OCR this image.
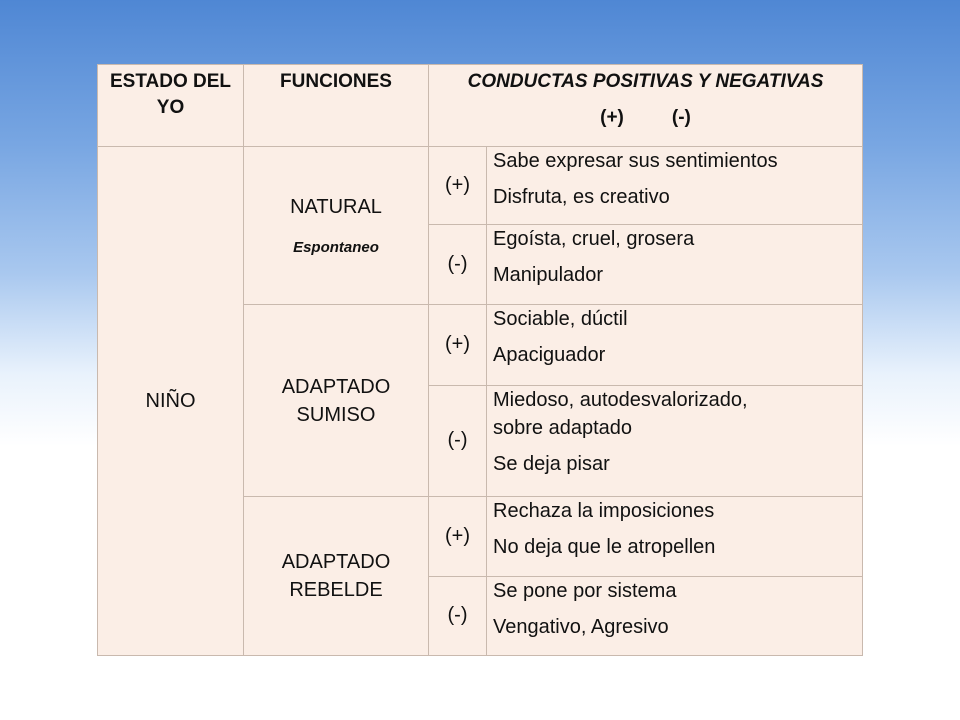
ESTADO DEL
YO	FUNCIONES	CONDUCTAS POSITIVAS Y NEGATIVAS
(+) (-)	

NIÑO	NATURAL
Espontaneo	(+)	Sabe expresar sus sentimientos
Disfruta, es creativo

		(-)	Egoísta, cruel, grosera
Manipulador

	ADAPTADO
SUMISO	(+)	Sociable, dúctil
Apaciguador

		(-)	Miedoso, autodesvalorizado,
sobre adaptado
Se deja pisar

	ADAPTADO
REBELDE	(+)	Rechaza la imposiciones
No deja que le atropellen

		(-)	Se pone por sistema
Vengativo, Agresivo
